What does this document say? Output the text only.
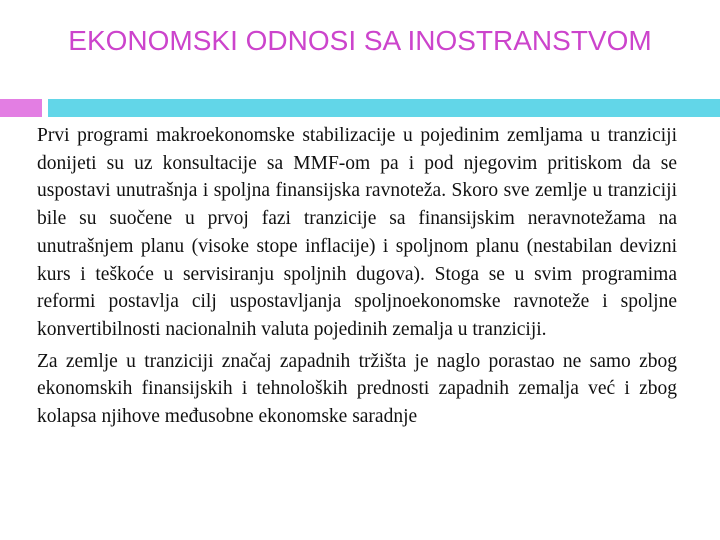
EKONOMSKI ODNOSI SA INOSTRANSTVOM

Prvi programi makroekonomske stabilizacije u pojedinim zemljama u tranziciji donijeti su uz konsultacije sa MMF-om pa i pod njegovim pritiskom da se uspostavi unutrašnja i spoljna finansijska ravnoteža. Skoro sve zemlje u tranziciji bile su suočene u prvoj fazi tranzicije sa finansijskim neravnotežama na unutrašnjem planu (visoke stope inflacije) i spoljnom planu (nestabilan devizni kurs i teškoće u servisiranju spoljnih dugova). Stoga se u svim programima reformi postavlja cilj uspostavljanja spoljnoekonomske ravnoteže i spoljne konvertibilnosti nacionalnih valuta pojedinih zemalja u tranziciji.

Za zemlje u tranziciji značaj zapadnih tržišta je naglo porastao ne samo zbog ekonomskih finansijskih i tehnoloških prednosti zapadnih zemalja već i zbog kolapsa njihove međusobne ekonomske saradnje
